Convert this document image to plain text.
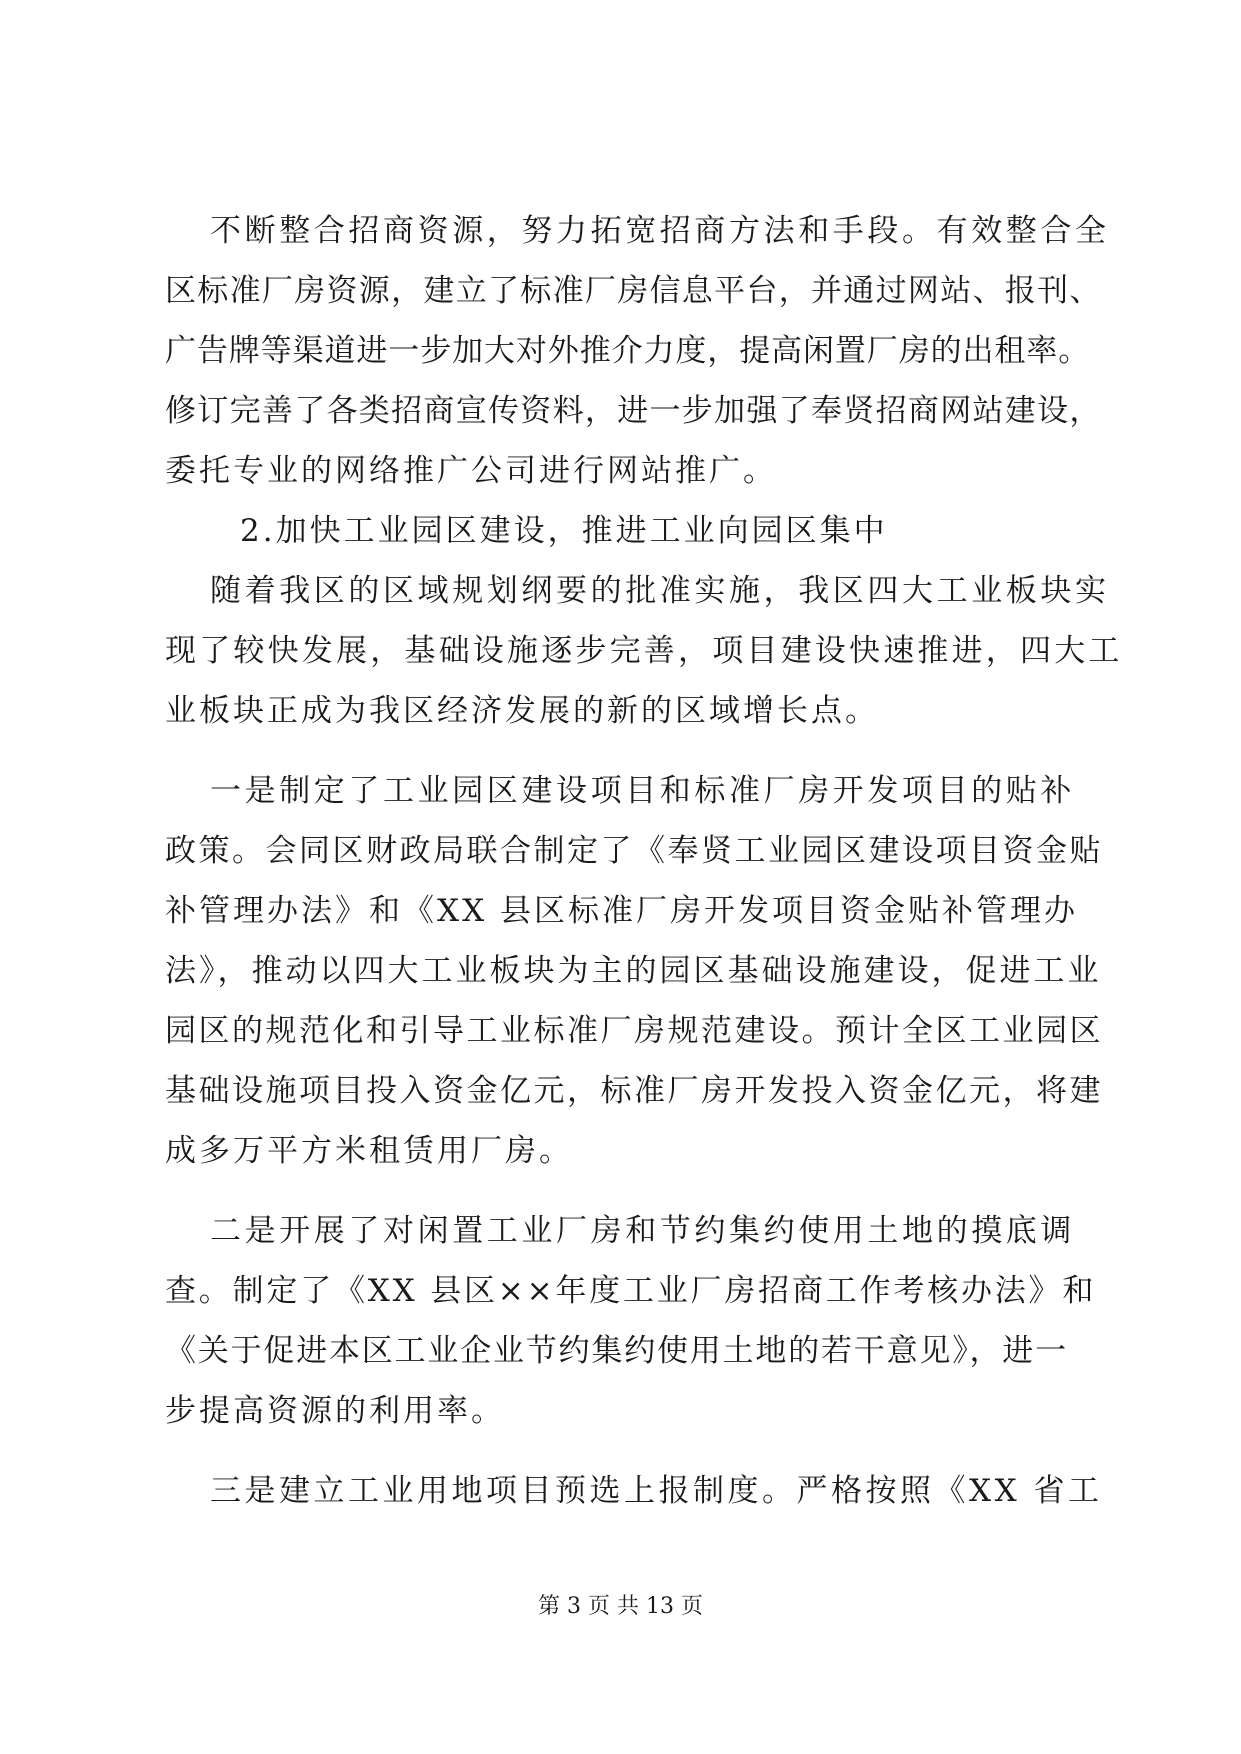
不断整合招商资源，努力拓宽招商方法和手段。有效整合全

区标准厂房资源，建立了标准厂房信息平台，并通过网站、报刊、

广告牌等渠道进一步加大对外推介力度，提高闲置厂房的出租率。

修订完善了各类招商宣传资料，进一步加强了奉贤招商网站建设，

委托专业的网络推广公司进行网站推广。

2.加快工业园区建设，推进工业向园区集中

随着我区的区域规划纲要的批准实施，我区四大工业板块实

现了较快发展，基础设施逐步完善，项目建设快速推进，四大工

业板块正成为我区经济发展的新的区域增长点。

一是制定了工业园区建设项目和标准厂房开发项目的贴补

政策。会同区财政局联合制定了《奉贤工业园区建设项目资金贴

补管理办法》和《XX 县区标准厂房开发项目资金贴补管理办

法》，推动以四大工业板块为主的园区基础设施建设，促进工业

园区的规范化和引导工业标准厂房规范建设。预计全区工业园区

基础设施项目投入资金亿元，标准厂房开发投入资金亿元，将建

成多万平方米租赁用厂房。

二是开展了对闲置工业厂房和节约集约使用土地的摸底调

查。制定了《XX 县区××年度工业厂房招商工作考核办法》和

《关于促进本区工业企业节约集约使用土地的若干意见》，进一

步提高资源的利用率。

三是建立工业用地项目预选上报制度。严格按照《XX 省工

第 3 页 共 13 页
